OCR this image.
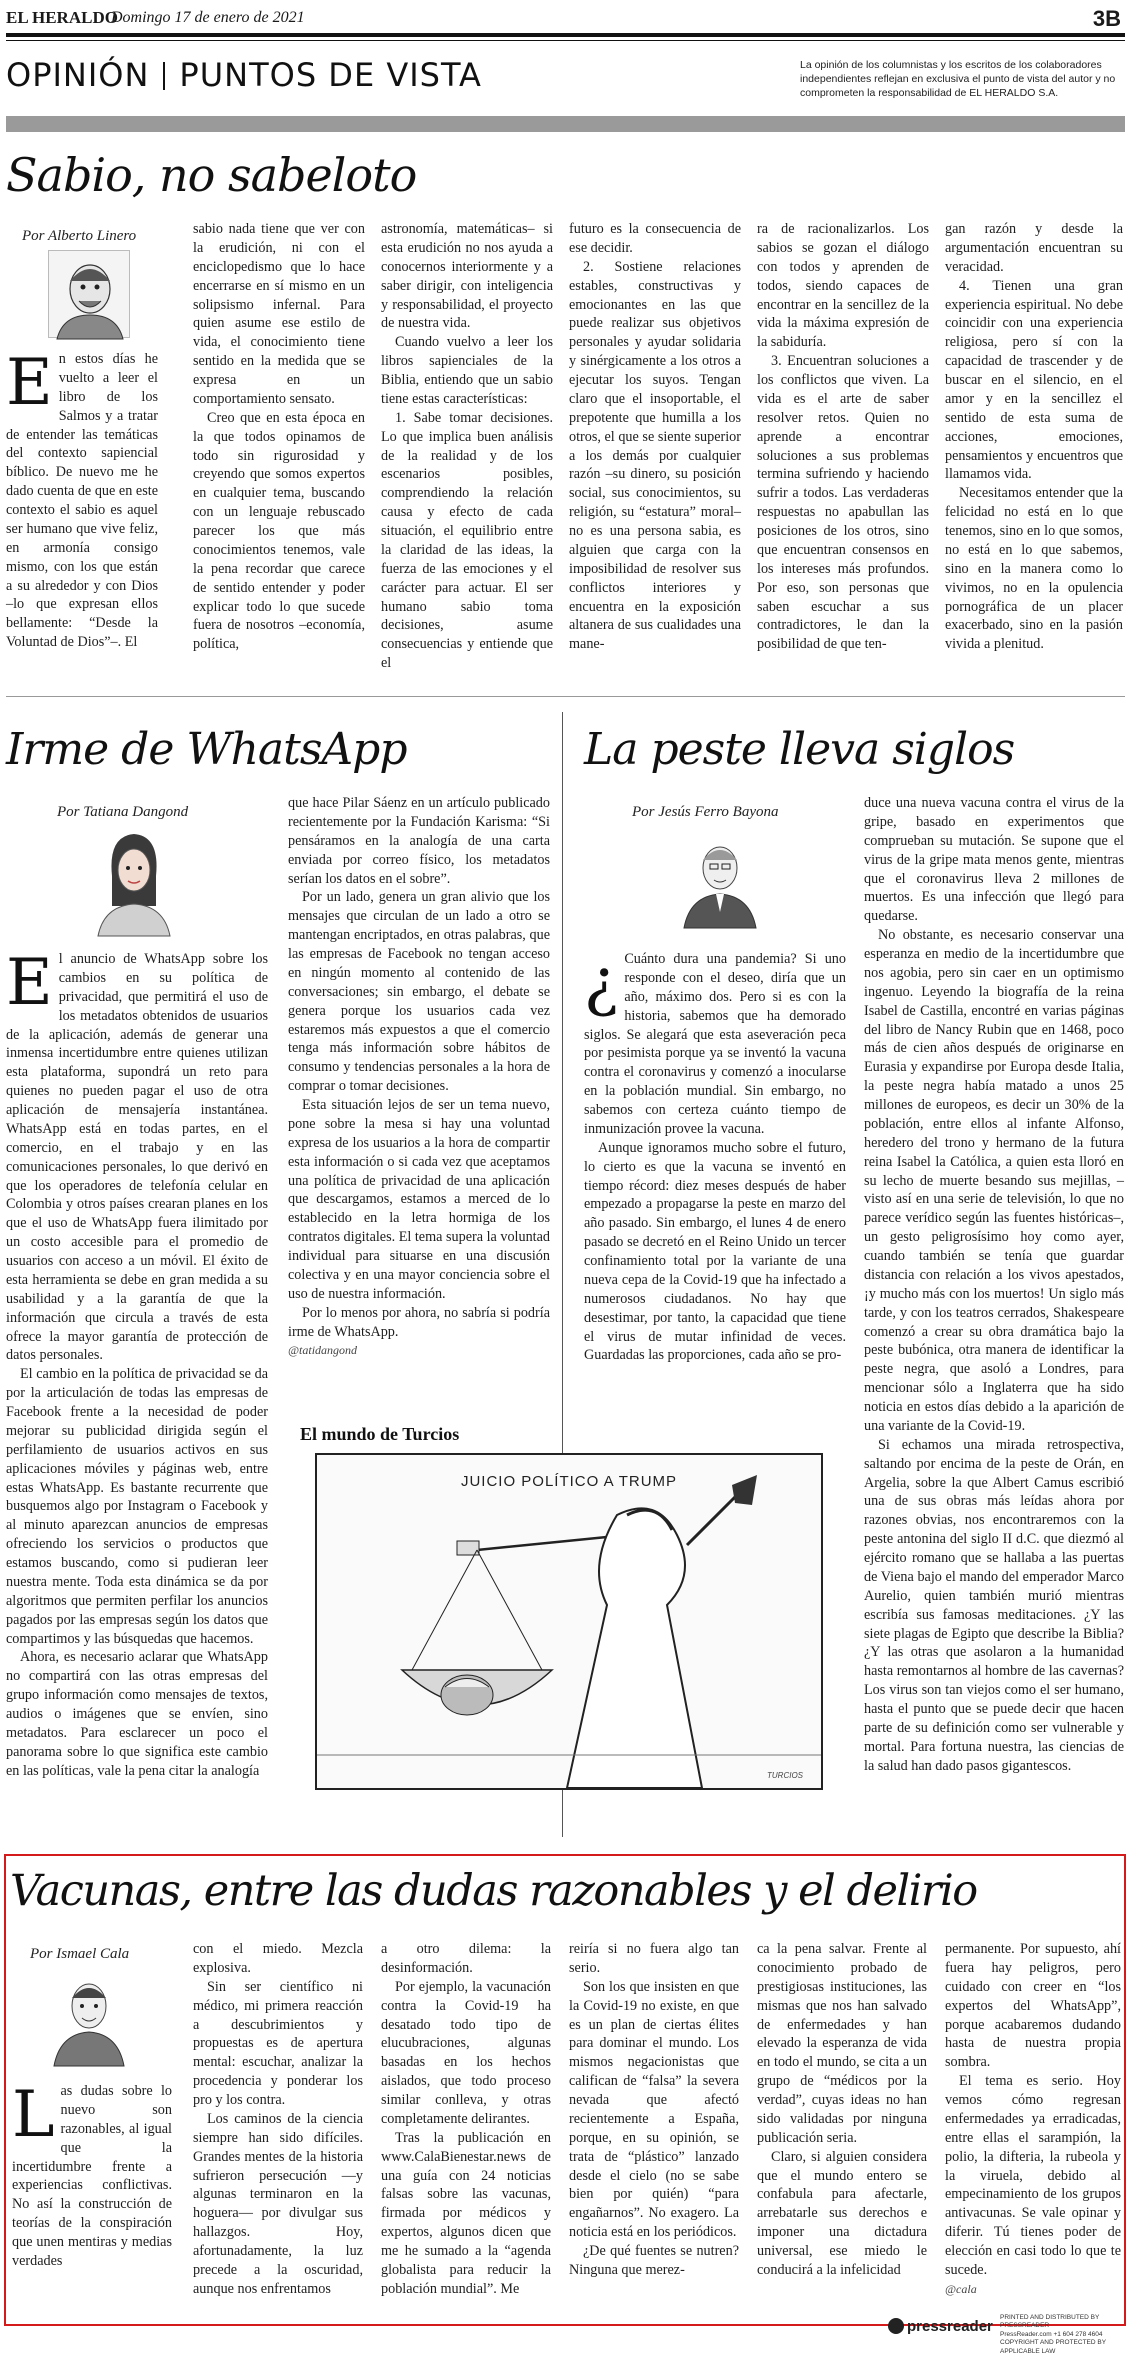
EL HERALDO
Domingo 17 de enero de 2021	3B
OPINIÓN PUNTOS DE VISTA	La opinión de los columnistas y los escritos de los colaboradores independientes reflejan en exclusiva el punto de vista del autor y no comprometen la responsabilidad de EL HERALDO S.A.
Sabio, no sabeloto
Por Alberto Linero
E n estos días he vuelto a leer el libro de los Salmos y a tratar de entender las temáticas del contexto sapiencial bíblico. De nuevo me he dado cuenta de que en este contexto el sabio es aquel ser humano que vive feliz, en armonía consigo mismo, con los que están a su alrededor y con Dios –lo que expresan ellos bellamente: “Desde la Voluntad de Dios”–. El

sabio nada tiene que ver con la erudición, ni con el enciclopedismo que lo hace encerrarse en sí mismo en un solipsismo infernal. Para quien asume ese estilo de vida, el conocimiento tiene sentido en la medida que se expresa en un comportamiento sensato.

Creo que en esta época en la que todos opinamos de todo sin rigurosidad y creyendo que somos expertos en cualquier tema, buscando con un lenguaje rebuscado parecer los que más conocimientos tenemos, vale la pena recordar que carece de sentido entender y poder explicar todo lo que sucede fuera de nosotros –economía, política,

astronomía, matemáticas– si esta erudición no nos ayuda a conocernos interiormente y a saber dirigir, con inteligencia y responsabilidad, el proyecto de nuestra vida.

Cuando vuelvo a leer los libros sapienciales de la Biblia, entiendo que un sabio tiene estas características:

1. Sabe tomar decisiones. Lo que implica buen análisis de la realidad y de los escenarios posibles, comprendiendo la relación causa y efecto de cada situación, el equilibrio entre la claridad de las ideas, la fuerza de las emociones y el carácter para actuar. El ser humano sabio toma decisiones, asume consecuencias y entiende que el

futuro es la consecuencia de ese decidir.

2. Sostiene relaciones estables, constructivas y emocionantes en las que puede realizar sus objetivos personales y ayudar solidaria y sinérgicamente a los otros a ejecutar los suyos. Tengan claro que el insoportable, el prepotente que humilla a los otros, el que se siente superior a los demás por cualquier razón –su dinero, su posición social, sus conocimientos, su religión, su “estatura” moral– no es una persona sabia, es alguien que carga con la imposibilidad de resolver sus conflictos interiores y encuentra en la exposición altanera de sus cualidades una mane-

ra de racionalizarlos. Los sabios se gozan el diálogo con todos y aprenden de todos, siendo capaces de encontrar en la sencillez de la vida la máxima expresión de la sabiduría.

3. Encuentran soluciones a los conflictos que viven. La vida es el arte de saber resolver retos. Quien no aprende a encontrar soluciones a sus problemas termina sufriendo y haciendo sufrir a todos. Las verdaderas respuestas no apabullan las posiciones de los otros, sino que encuentran consensos en los intereses más profundos. Por eso, son personas que saben escuchar a sus contradictores, le dan la posibilidad de que ten-

gan razón y desde la argumentación encuentran su veracidad.

4. Tienen una gran experiencia espiritual. No debe coincidir con una experiencia religiosa, pero sí con la capacidad de trascender y de buscar en el silencio, en el amor y en la sencillez el sentido de esta suma de acciones, emociones, pensamientos y encuentros que llamamos vida.

Necesitamos entender que la felicidad no está en lo que tenemos, sino en lo que somos, no está en lo que sabemos, sino en la manera como lo vivimos, no en la opulencia pornográfica de un placer exacerbado, sino en la pasión vivida a plenitud.

Irme de WhatsApp
Por Tatiana Dangond
E l anuncio de WhatsApp sobre los cambios en su política de privacidad, que permitirá el uso de los metadatos obtenidos de usuarios de la aplicación, además de generar una inmensa incertidumbre entre quienes utilizan esta plataforma, supondrá un reto para quienes no pueden pagar el uso de otra aplicación de mensajería instantánea. WhatsApp está en todas partes, en el comercio, en el trabajo y en las comunicaciones personales, lo que derivó en que los operadores de telefonía celular en Colombia y otros países crearan planes en los que el uso de WhatsApp fuera ilimitado por un costo accesible para el promedio de usuarios con acceso a un móvil. El éxito de esta herramienta se debe en gran medida a su usabilidad y a la garantía de que la información que circula a través de esta ofrece la mayor garantía de protección de datos personales.

El cambio en la política de privacidad se da por la articulación de todas las empresas de Facebook frente a la necesidad de poder mejorar su publicidad dirigida según el perfilamiento de usuarios activos en sus aplicaciones móviles y páginas web, entre estas WhatsApp. Es bastante recurrente que busquemos algo por Instagram o Facebook y al minuto aparezcan anuncios de empresas ofreciendo los servicios o productos que estamos buscando, como si pudieran leer nuestra mente. Toda esta dinámica se da por algoritmos que permiten perfilar los anuncios pagados por las empresas según los datos que compartimos y las búsquedas que hacemos.

Ahora, es necesario aclarar que WhatsApp no compartirá con las otras empresas del grupo información como mensajes de textos, audios o imágenes que se envíen, sino metadatos. Para esclarecer un poco el panorama sobre lo que significa este cambio en las políticas, vale la pena citar la analogía

que hace Pilar Sáenz en un artículo publicado recientemente por la Fundación Karisma: “Si pensáramos en la analogía de una carta enviada por correo físico, los metadatos serían los datos en el sobre”.

Por un lado, genera un gran alivio que los mensajes que circulan de un lado a otro se mantengan encriptados, en otras palabras, que las empresas de Facebook no tengan acceso en ningún momento al contenido de las conversaciones; sin embargo, el debate se genera porque los usuarios cada vez estaremos más expuestos a que el comercio tenga más información sobre hábitos de consumo y tendencias personales a la hora de comprar o tomar decisiones.

Esta situación lejos de ser un tema nuevo, pone sobre la mesa si hay una voluntad expresa de los usuarios a la hora de compartir esta información o si cada vez que aceptamos una política de privacidad de una aplicación que descargamos, estamos a merced de lo establecido en la letra hormiga de los contratos digitales. El tema supera la voluntad individual para situarse en una discusión colectiva y en una mayor conciencia sobre el uso de nuestra información.

Por lo menos por ahora, no sabría si podría irme de WhatsApp.

@tatidangond
La peste lleva siglos
Por Jesús Ferro Bayona
¿ Cuánto dura una pandemia? Si uno responde con el deseo, diría que un año, máximo dos. Pero si es con la historia, sabemos que ha demorado siglos. Se alegará que esta aseveración peca por pesimista porque ya se inventó la vacuna contra el coronavirus y comenzó a inocularse en la población mundial. Sin embargo, no sabemos con certeza cuánto tiempo de inmunización provee la vacuna.

Aunque ignoramos mucho sobre el futuro, lo cierto es que la vacuna se inventó en tiempo récord: diez meses después de haber empezado a propagarse la peste en marzo del año pasado. Sin embargo, el lunes 4 de enero pasado se decretó en el Reino Unido un tercer confinamiento total por la variante de una nueva cepa de la Covid-19 que ha infectado a numerosos ciudadanos. No hay que desestimar, por tanto, la capacidad que tiene el virus de mutar infinidad de veces. Guardadas las proporciones, cada año se pro-

duce una nueva vacuna contra el virus de la gripe, basado en experimentos que comprueban su mutación. Se supone que el virus de la gripe mata menos gente, mientras que el coronavirus lleva 2 millones de muertos. Es una infección que llegó para quedarse.

No obstante, es necesario conservar una esperanza en medio de la incertidumbre que nos agobia, pero sin caer en un optimismo ingenuo. Leyendo la biografía de la reina Isabel de Castilla, encontré en varias páginas del libro de Nancy Rubin que en 1468, poco más de cien años después de originarse en Eurasia y expandirse por Europa desde Italia, la peste negra había matado a unos 25 millones de europeos, es decir un 30% de la población, entre ellos al infante Alfonso, heredero del trono y hermano de la futura reina Isabel la Católica, a quien esta lloró en su lecho de muerte besando sus mejillas, –visto así en una serie de televisión, lo que no parece verídico según las fuentes históricas–, un gesto peligrosísimo hoy como ayer, cuando también se tenía que guardar distancia con relación a los vivos apestados, ¡y mucho más con los muertos! Un siglo más tarde, y con los teatros cerrados, Shakespeare comenzó a crear su obra dramática bajo la peste bubónica, otra manera de identificar la peste negra, que asoló a Londres, para mencionar sólo a Inglaterra que ha sido noticia en estos días debido a la aparición de una variante de la Covid-19.

Si echamos una mirada retrospectiva, saltando por encima de la peste de Orán, en Argelia, sobre la que Albert Camus escribió una de sus obras más leídas ahora por razones obvias, nos encontraremos con la peste antonina del siglo II d.C. que diezmó al ejército romano que se hallaba a las puertas de Viena bajo el mando del emperador Marco Aurelio, quien también murió mientras escribía sus famosas meditaciones. ¿Y las siete plagas de Egipto que describe la Biblia? ¿Y las otras que asolaron a la humanidad hasta remontarnos al hombre de las cavernas? Los virus son tan viejos como el ser humano, hasta el punto que se puede decir que hacen parte de su definición como ser vulnerable y mortal. Para fortuna nuestra, las ciencias de la salud han dado pasos gigantescos.

El mundo de Turcios
JUICIO POLÍTICO A TRUMP
TURCIOS
Vacunas, entre las dudas razonables y el delirio
Por Ismael Cala
L as dudas sobre lo nuevo son razonables, al igual que la incertidumbre frente a experiencias conflictivas. No así la construcción de teorías de la conspiración que unen mentiras y medias verdades

con el miedo. Mezcla explosiva.

Sin ser científico ni médico, mi primera reacción a descubrimientos y propuestas es de apertura mental: escuchar, analizar la procedencia y ponderar los pro y los contra.

Los caminos de la ciencia siempre han sido difíciles. Grandes mentes de la historia sufrieron persecución —y algunas terminaron en la hoguera— por divulgar sus hallazgos. Hoy, afortunadamente, la luz precede a la oscuridad, aunque nos enfrentamos

a otro dilema: la desinformación.

Por ejemplo, la vacunación contra la Covid-19 ha desatado todo tipo de elucubraciones, algunas basadas en los hechos aislados, que todo proceso similar conlleva, y otras completamente delirantes.

Tras la publicación en www.CalaBienestar.news de una guía con 24 noticias falsas sobre las vacunas, firmada por médicos y expertos, algunos dicen que me he sumado a la “agenda globalista para reducir la población mundial”. Me

reiría si no fuera algo tan serio.

Son los que insisten en que la Covid-19 no existe, en que es un plan de ciertas élites para dominar el mundo. Los mismos negacionistas que califican de “falsa” la severa nevada que afectó recientemente a España, porque, en su opinión, se trata de “plástico” lanzado desde el cielo (no se sabe bien por quién) “para engañarnos”. No exagero. La noticia está en los periódicos.

¿De qué fuentes se nutren? Ninguna que merez-

ca la pena salvar. Frente al conocimiento probado de prestigiosas instituciones, las mismas que nos han salvado de enfermedades y han elevado la esperanza de vida en todo el mundo, se cita a un grupo de “médicos por la verdad”, cuyas ideas no han sido validadas por ninguna publicación seria.

Claro, si alguien considera que el mundo entero se confabula para afectarle, arrebatarle sus derechos e imponer una dictadura universal, ese miedo le conducirá a la infelicidad

permanente. Por supuesto, ahí fuera hay peligros, pero cuidado con creer en “los expertos del WhatsApp”, porque acabaremos dudando hasta de nuestra propia sombra.

El tema es serio. Hoy vemos cómo regresan enfermedades ya erradicadas, entre ellas el sarampión, la polio, la difteria, la rubeola y la viruela, debido al empecinamiento de los grupos antivacunas. Se vale opinar y diferir. Tú tienes poder de elección en casi todo lo que te sucede.

@cala
pressreader
PRINTED AND DISTRIBUTED BY PRESSREADER
PressReader.com +1 604 278 4604
COPYRIGHT AND PROTECTED BY APPLICABLE LAW
